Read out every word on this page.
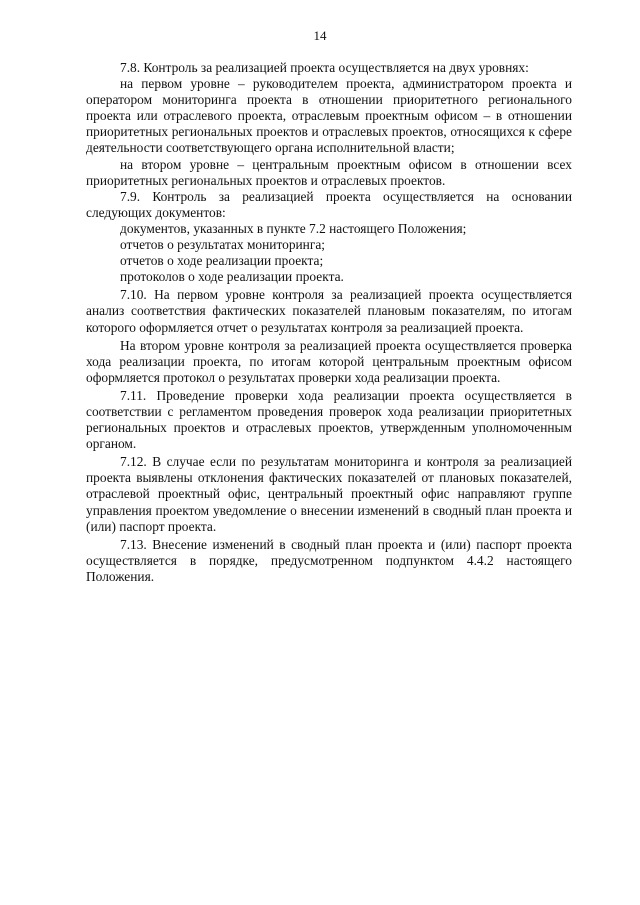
14

7.8. Контроль за реализацией проекта осуществляется на двух уровнях:

на первом уровне – руководителем проекта, администратором проекта и оператором мониторинга проекта в отношении приоритетного регионального проекта или отраслевого проекта, отраслевым проектным офисом – в отношении приоритетных региональных проектов и отраслевых проектов, относящихся к сфере деятельности соответствующего органа исполнительной власти;

на втором уровне – центральным проектным офисом в отношении всех приоритетных региональных проектов и отраслевых проектов.

7.9. Контроль за реализацией проекта осуществляется на основании следующих документов:

документов, указанных в пункте 7.2 настоящего Положения;

отчетов о результатах мониторинга;

отчетов о ходе реализации проекта;

протоколов о ходе реализации проекта.

7.10. На первом уровне контроля за реализацией проекта осуществляется анализ соответствия фактических показателей плановым показателям, по итогам которого оформляется отчет о результатах контроля за реализацией проекта.

На втором уровне контроля за реализацией проекта осуществляется проверка хода реализации проекта, по итогам которой центральным проектным офисом оформляется протокол о результатах проверки хода реализации проекта.

7.11. Проведение проверки хода реализации проекта осуществляется в соответствии с регламентом проведения проверок хода реализации приоритетных региональных проектов и отраслевых проектов, утвержденным уполномоченным органом.

7.12. В случае если по результатам мониторинга и контроля за реализацией проекта выявлены отклонения фактических показателей от плановых показателей, отраслевой проектный офис, центральный проектный офис направляют группе управления проектом уведомление о внесении изменений в сводный план проекта и (или) паспорт проекта.

7.13. Внесение изменений в сводный план проекта и (или) паспорт проекта осуществляется в порядке, предусмотренном подпунктом 4.4.2 настоящего Положения.
